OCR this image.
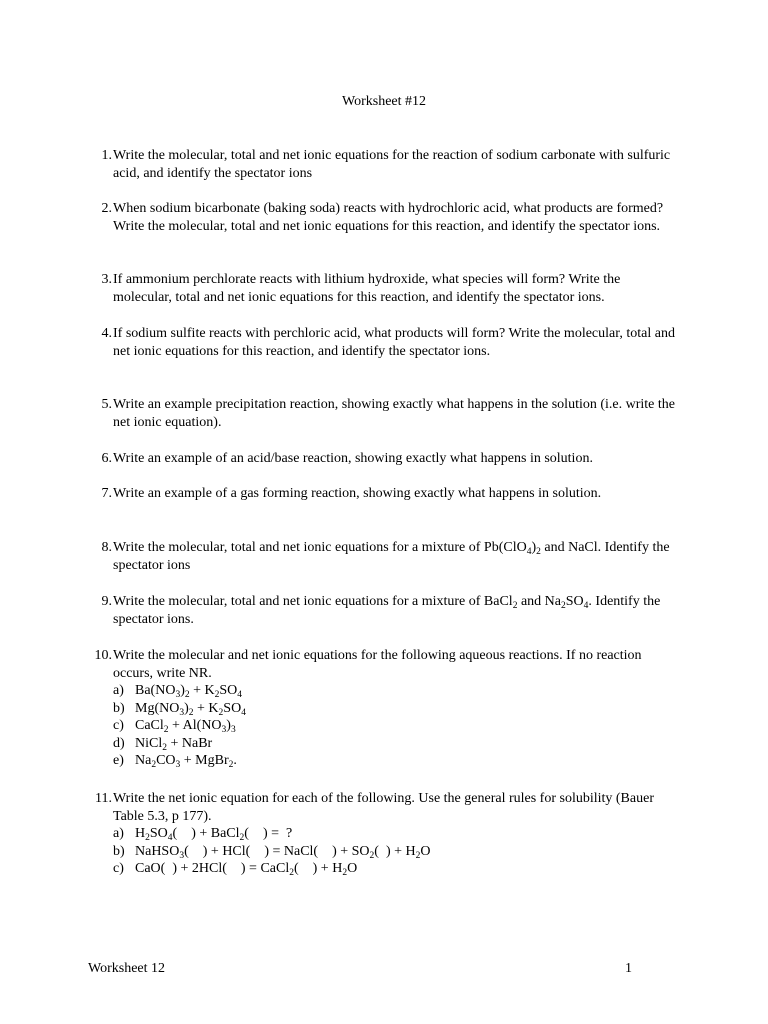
Worksheet #12
1. Write the molecular, total and net ionic equations for the reaction of sodium carbonate with sulfuric acid, and identify the spectator ions
2. When sodium bicarbonate (baking soda) reacts with hydrochloric acid, what products are formed? Write the molecular, total and net ionic equations for this reaction, and identify the spectator ions.
3. If ammonium perchlorate reacts with lithium hydroxide, what species will form? Write the molecular, total and net ionic equations for this reaction, and identify the spectator ions.
4. If sodium sulfite reacts with perchloric acid, what products will form? Write the molecular, total and net ionic equations for this reaction, and identify the spectator ions.
5. Write an example precipitation reaction, showing exactly what happens in the solution (i.e. write the net ionic equation).
6. Write an example of an acid/base reaction, showing exactly what happens in solution.
7. Write an example of a gas forming reaction, showing exactly what happens in solution.
8. Write the molecular, total and net ionic equations for a mixture of $Pb(ClO_4)_2$ and NaCl. Identify the spectator ions
9. Write the molecular, total and net ionic equations for a mixture of BaCl$_2$ and $Na_2SO_4$. Identify the spectator ions.
10. Write the molecular and net ionic equations for the following aqueous reactions. If no reaction occurs, write NR.
a) $Ba(NO_3)_2 + K_2SO_4$
b) $Mg(NO_3)_2 + K_2SO_4$
c) CaCl$_2$ + $Al(NO_3)_3$
d) NiCl$_2$ + NaBr
e) $Na_2CO_3$ + MgBr$_2$.
11. Write the net ionic equation for each of the following. Use the general rules for solubility (Bauer Table 5.3, p 177).
a) $H_2SO_4$(    ) + BaCl$_2$(    ) =  ?
b) NaHSO$_3$(    ) + HCl(    ) = NaCl(    ) + $SO_2$(  ) + $H_2O$
c) CaO(  ) + 2HCl(    ) = CaCl$_2$(    ) + $H_2O$
Worksheet 12	1
